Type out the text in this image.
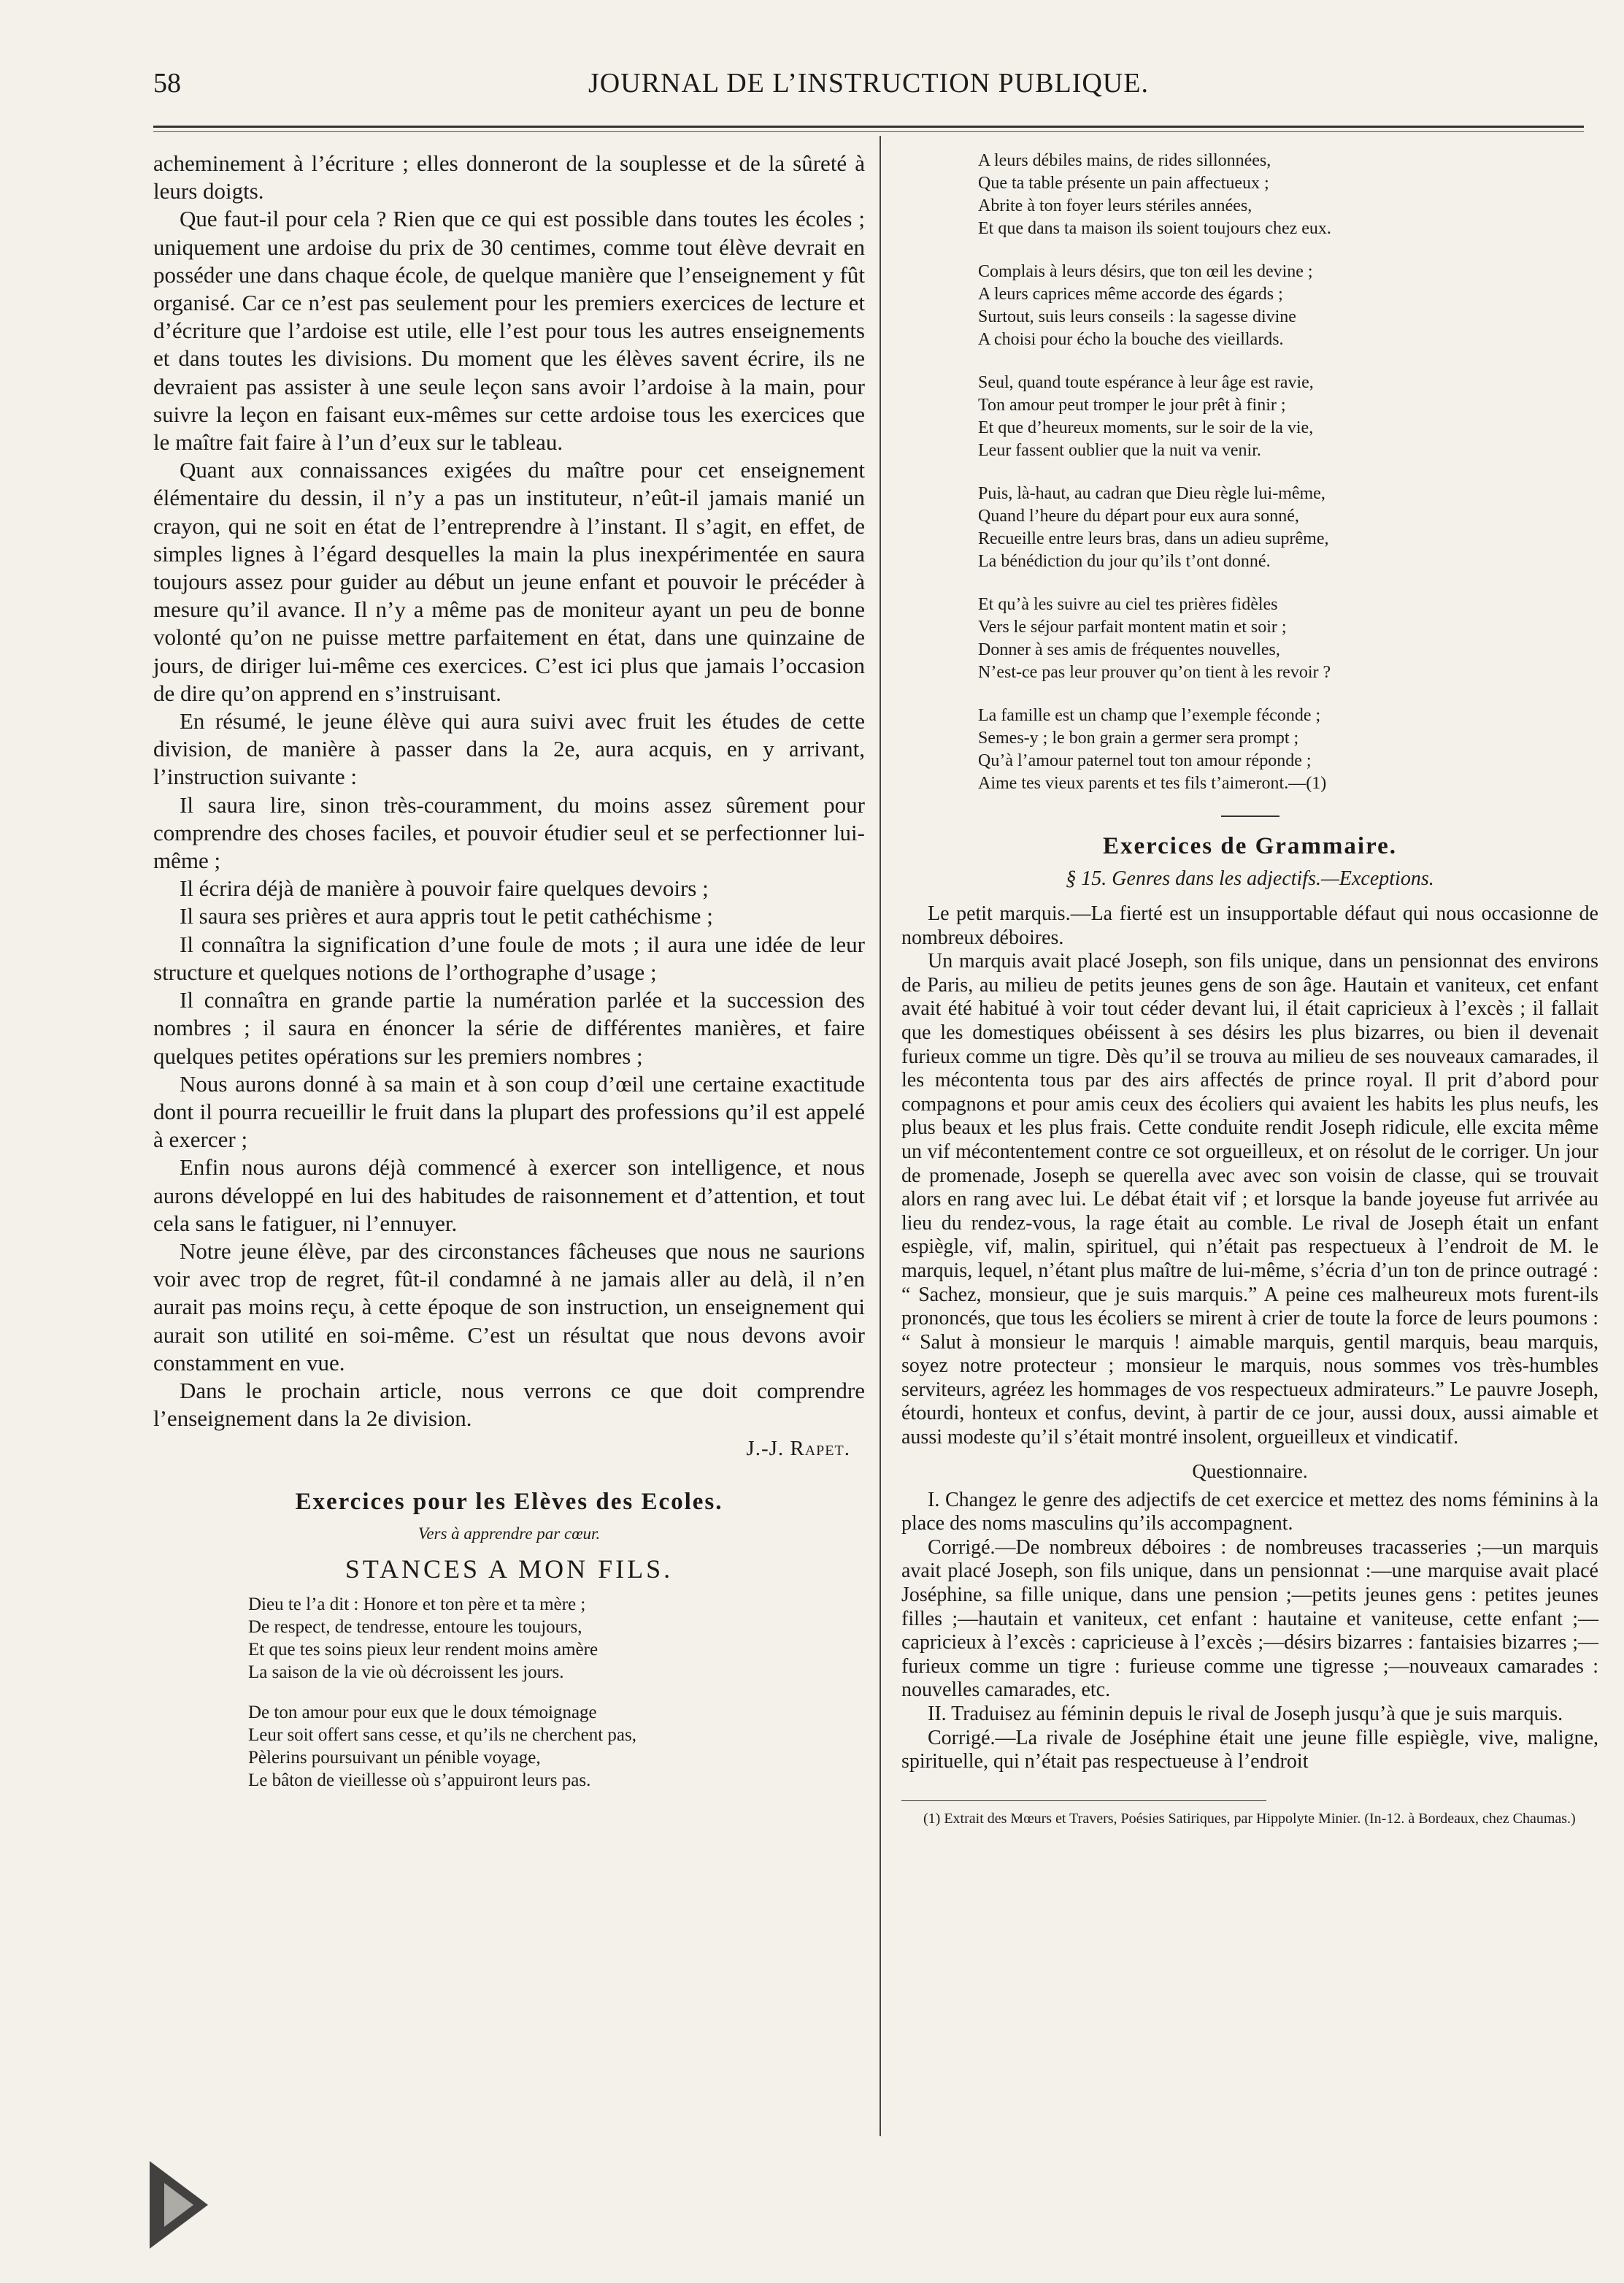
58	JOURNAL DE L’INSTRUCTION PUBLIQUE.

acheminement à l’écriture ; elles donneront de la souplesse et de la sûreté à leurs doigts.

Que faut-il pour cela ? Rien que ce qui est possible dans toutes les écoles ; uniquement une ardoise du prix de 30 centimes, comme tout élève devrait en posséder une dans chaque école, de quelque manière que l’enseignement y fût organisé. Car ce n’est pas seulement pour les premiers exercices de lecture et d’écriture que l’ardoise est utile, elle l’est pour tous les autres enseignements et dans toutes les divisions. Du moment que les élèves savent écrire, ils ne devraient pas assister à une seule leçon sans avoir l’ardoise à la main, pour suivre la leçon en faisant eux-mêmes sur cette ardoise tous les exercices que le maître fait faire à l’un d’eux sur le tableau.

Quant aux connaissances exigées du maître pour cet enseignement élémentaire du dessin, il n’y a pas un instituteur, n’eût-il jamais manié un crayon, qui ne soit en état de l’entreprendre à l’instant. Il s’agit, en effet, de simples lignes à l’égard desquelles la main la plus inexpérimentée en saura toujours assez pour guider au début un jeune enfant et pouvoir le précéder à mesure qu’il avance. Il n’y a même pas de moniteur ayant un peu de bonne volonté qu’on ne puisse mettre parfaitement en état, dans une quinzaine de jours, de diriger lui-même ces exercices. C’est ici plus que jamais l’occasion de dire qu’on apprend en s’instruisant.

En résumé, le jeune élève qui aura suivi avec fruit les études de cette division, de manière à passer dans la 2e, aura acquis, en y arrivant, l’instruction suivante :

Il saura lire, sinon très-couramment, du moins assez sûrement pour comprendre des choses faciles, et pouvoir étudier seul et se perfectionner lui-même ;

Il écrira déjà de manière à pouvoir faire quelques devoirs ;

Il saura ses prières et aura appris tout le petit cathéchisme ;

Il connaîtra la signification d’une foule de mots ; il aura une idée de leur structure et quelques notions de l’orthographe d’usage ;

Il connaîtra en grande partie la numération parlée et la succession des nombres ; il saura en énoncer la série de différentes manières, et faire quelques petites opérations sur les premiers nombres ;

Nous aurons donné à sa main et à son coup d’œil une certaine exactitude dont il pourra recueillir le fruit dans la plupart des professions qu’il est appelé à exercer ;

Enfin nous aurons déjà commencé à exercer son intelligence, et nous aurons développé en lui des habitudes de raisonnement et d’attention, et tout cela sans le fatiguer, ni l’ennuyer.

Notre jeune élève, par des circonstances fâcheuses que nous ne saurions voir avec trop de regret, fût-il condamné à ne jamais aller au delà, il n’en aurait pas moins reçu, à cette époque de son instruction, un enseignement qui aurait son utilité en soi-même. C’est un résultat que nous devons avoir constamment en vue.

Dans le prochain article, nous verrons ce que doit comprendre l’enseignement dans la 2e division.

J.-J. Rapet.
Exercices pour les Elèves des Ecoles.
Vers à apprendre par cœur.
STANCES A MON FILS.
Dieu te l’a dit : Honore et ton père et ta mère ;
De respect, de tendresse, entoure les toujours,
Et que tes soins pieux leur rendent moins amère
La saison de la vie où décroissent les jours.
De ton amour pour eux que le doux témoignage
Leur soit offert sans cesse, et qu’ils ne cherchent pas,
Pèlerins poursuivant un pénible voyage,
Le bâton de vieillesse où s’appuiront leurs pas.
A leurs débiles mains, de rides sillonnées,
Que ta table présente un pain affectueux ;
Abrite à ton foyer leurs stériles années,
Et que dans ta maison ils soient toujours chez eux.
Complais à leurs désirs, que ton œil les devine ;
A leurs caprices même accorde des égards ;
Surtout, suis leurs conseils : la sagesse divine
A choisi pour écho la bouche des vieillards.
Seul, quand toute espérance à leur âge est ravie,
Ton amour peut tromper le jour prêt à finir ;
Et que d’heureux moments, sur le soir de la vie,
Leur fassent oublier que la nuit va venir.
Puis, là-haut, au cadran que Dieu règle lui-même,
Quand l’heure du départ pour eux aura sonné,
Recueille entre leurs bras, dans un adieu suprême,
La bénédiction du jour qu’ils t’ont donné.
Et qu’à les suivre au ciel tes prières fidèles
Vers le séjour parfait montent matin et soir ;
Donner à ses amis de fréquentes nouvelles,
N’est-ce pas leur prouver qu’on tient à les revoir ?
La famille est un champ que l’exemple féconde ;
Semes-y ; le bon grain a germer sera prompt ;
Qu’à l’amour paternel tout ton amour réponde ;
Aime tes vieux parents et tes fils t’aimeront.—(1)
Exercices de Grammaire.
§ 15. Genres dans les adjectifs.—Exceptions.

Le petit marquis.—La fierté est un insupportable défaut qui nous occasionne de nombreux déboires.

Un marquis avait placé Joseph, son fils unique, dans un pensionnat des environs de Paris, au milieu de petits jeunes gens de son âge. Hautain et vaniteux, cet enfant avait été habitué à voir tout céder devant lui, il était capricieux à l’excès ; il fallait que les domestiques obéissent à ses désirs les plus bizarres, ou bien il devenait furieux comme un tigre. Dès qu’il se trouva au milieu de ses nouveaux camarades, il les mécontenta tous par des airs affectés de prince royal. Il prit d’abord pour compagnons et pour amis ceux des écoliers qui avaient les habits les plus neufs, les plus beaux et les plus frais. Cette conduite rendit Joseph ridicule, elle excita même un vif mécontentement contre ce sot orgueilleux, et on résolut de le corriger. Un jour de promenade, Joseph se querella avec avec son voisin de classe, qui se trouvait alors en rang avec lui. Le débat était vif ; et lorsque la bande joyeuse fut arrivée au lieu du rendez-vous, la rage était au comble. Le rival de Joseph était un enfant espiègle, vif, malin, spirituel, qui n’était pas respectueux à l’endroit de M. le marquis, lequel, n’étant plus maître de lui-même, s’écria d’un ton de prince outragé : “ Sachez, monsieur, que je suis marquis.” A peine ces malheureux mots furent-ils prononcés, que tous les écoliers se mirent à crier de toute la force de leurs poumons : “ Salut à monsieur le marquis ! aimable marquis, gentil marquis, beau marquis, soyez notre protecteur ; monsieur le marquis, nous sommes vos très-humbles serviteurs, agréez les hommages de vos respectueux admirateurs.” Le pauvre Joseph, étourdi, honteux et confus, devint, à partir de ce jour, aussi doux, aussi aimable et aussi modeste qu’il s’était montré insolent, orgueilleux et vindicatif.

Questionnaire.

I. Changez le genre des adjectifs de cet exercice et mettez des noms féminins à la place des noms masculins qu’ils accompagnent.

Corrigé.—De nombreux déboires : de nombreuses tracasseries ;—un marquis avait placé Joseph, son fils unique, dans un pensionnat :—une marquise avait placé Joséphine, sa fille unique, dans une pension ;—petits jeunes gens : petites jeunes filles ;—hautain et vaniteux, cet enfant : hautaine et vaniteuse, cette enfant ;—capricieux à l’excès : capricieuse à l’excès ;—désirs bizarres : fantaisies bizarres ;—furieux comme un tigre : furieuse comme une tigresse ;—nouveaux camarades : nouvelles camarades, etc.

II. Traduisez au féminin depuis le rival de Joseph jusqu’à que je suis marquis.

Corrigé.—La rivale de Joséphine était une jeune fille espiègle, vive, maligne, spirituelle, qui n’était pas respectueuse à l’endroit

(1) Extrait des Mœurs et Travers, Poésies Satiriques, par Hippolyte Minier. (In-12. à Bordeaux, chez Chaumas.)
